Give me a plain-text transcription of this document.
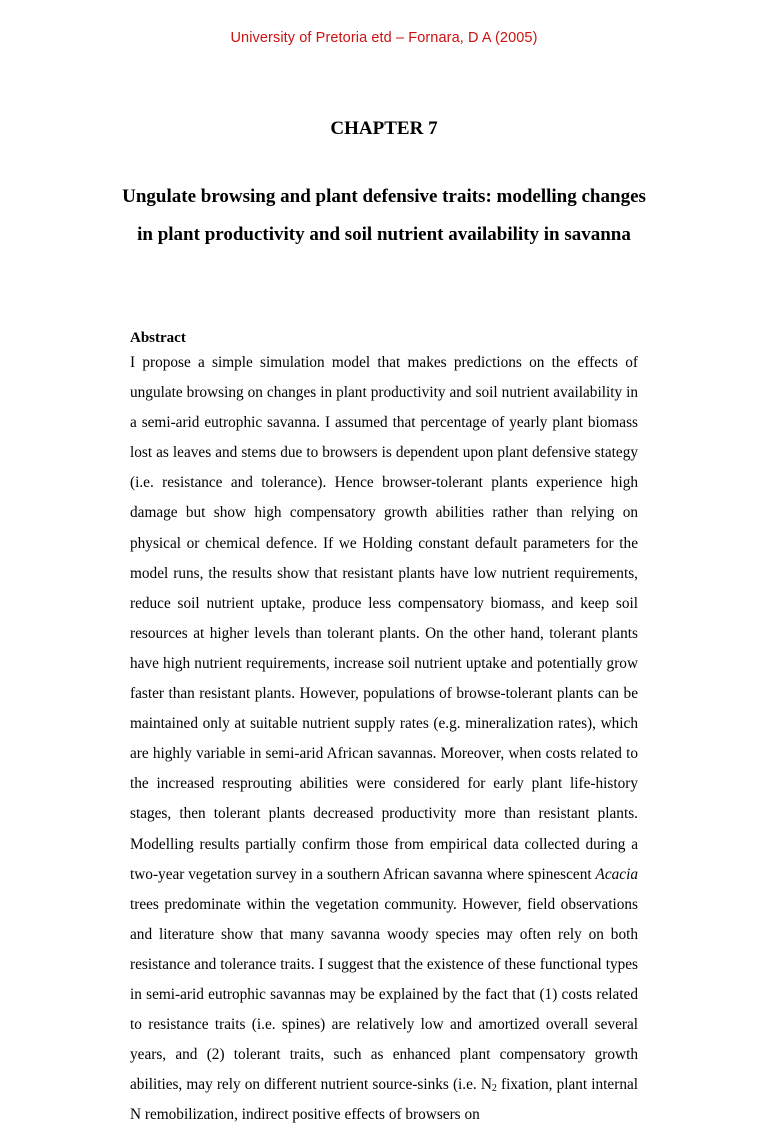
University of Pretoria etd – Fornara, D A (2005)
CHAPTER 7
Ungulate browsing and plant defensive traits: modelling changes in plant productivity and soil nutrient availability in savanna
Abstract
I propose a simple simulation model that makes predictions on the effects of ungulate browsing on changes in plant productivity and soil nutrient availability in a semi-arid eutrophic savanna. I assumed that percentage of yearly plant biomass lost as leaves and stems due to browsers is dependent upon plant defensive stategy (i.e. resistance and tolerance). Hence browser-tolerant plants experience high damage but show high compensatory growth abilities rather than relying on physical or chemical defence. If we Holding constant default parameters for the model runs, the results show that resistant plants have low nutrient requirements, reduce soil nutrient uptake, produce less compensatory biomass, and keep soil resources at higher levels than tolerant plants. On the other hand, tolerant plants have high nutrient requirements, increase soil nutrient uptake and potentially grow faster than resistant plants. However, populations of browse-tolerant plants can be maintained only at suitable nutrient supply rates (e.g. mineralization rates), which are highly variable in semi-arid African savannas. Moreover, when costs related to the increased resprouting abilities were considered for early plant life-history stages, then tolerant plants decreased productivity more than resistant plants. Modelling results partially confirm those from empirical data collected during a two-year vegetation survey in a southern African savanna where spinescent Acacia trees predominate within the vegetation community. However, field observations and literature show that many savanna woody species may often rely on both resistance and tolerance traits. I suggest that the existence of these functional types in semi-arid eutrophic savannas may be explained by the fact that (1) costs related to resistance traits (i.e. spines) are relatively low and amortized overall several years, and (2) tolerant traits, such as enhanced plant compensatory growth abilities, may rely on different nutrient source-sinks (i.e. $N_2$ fixation, plant internal N remobilization, indirect positive effects of browsers on
